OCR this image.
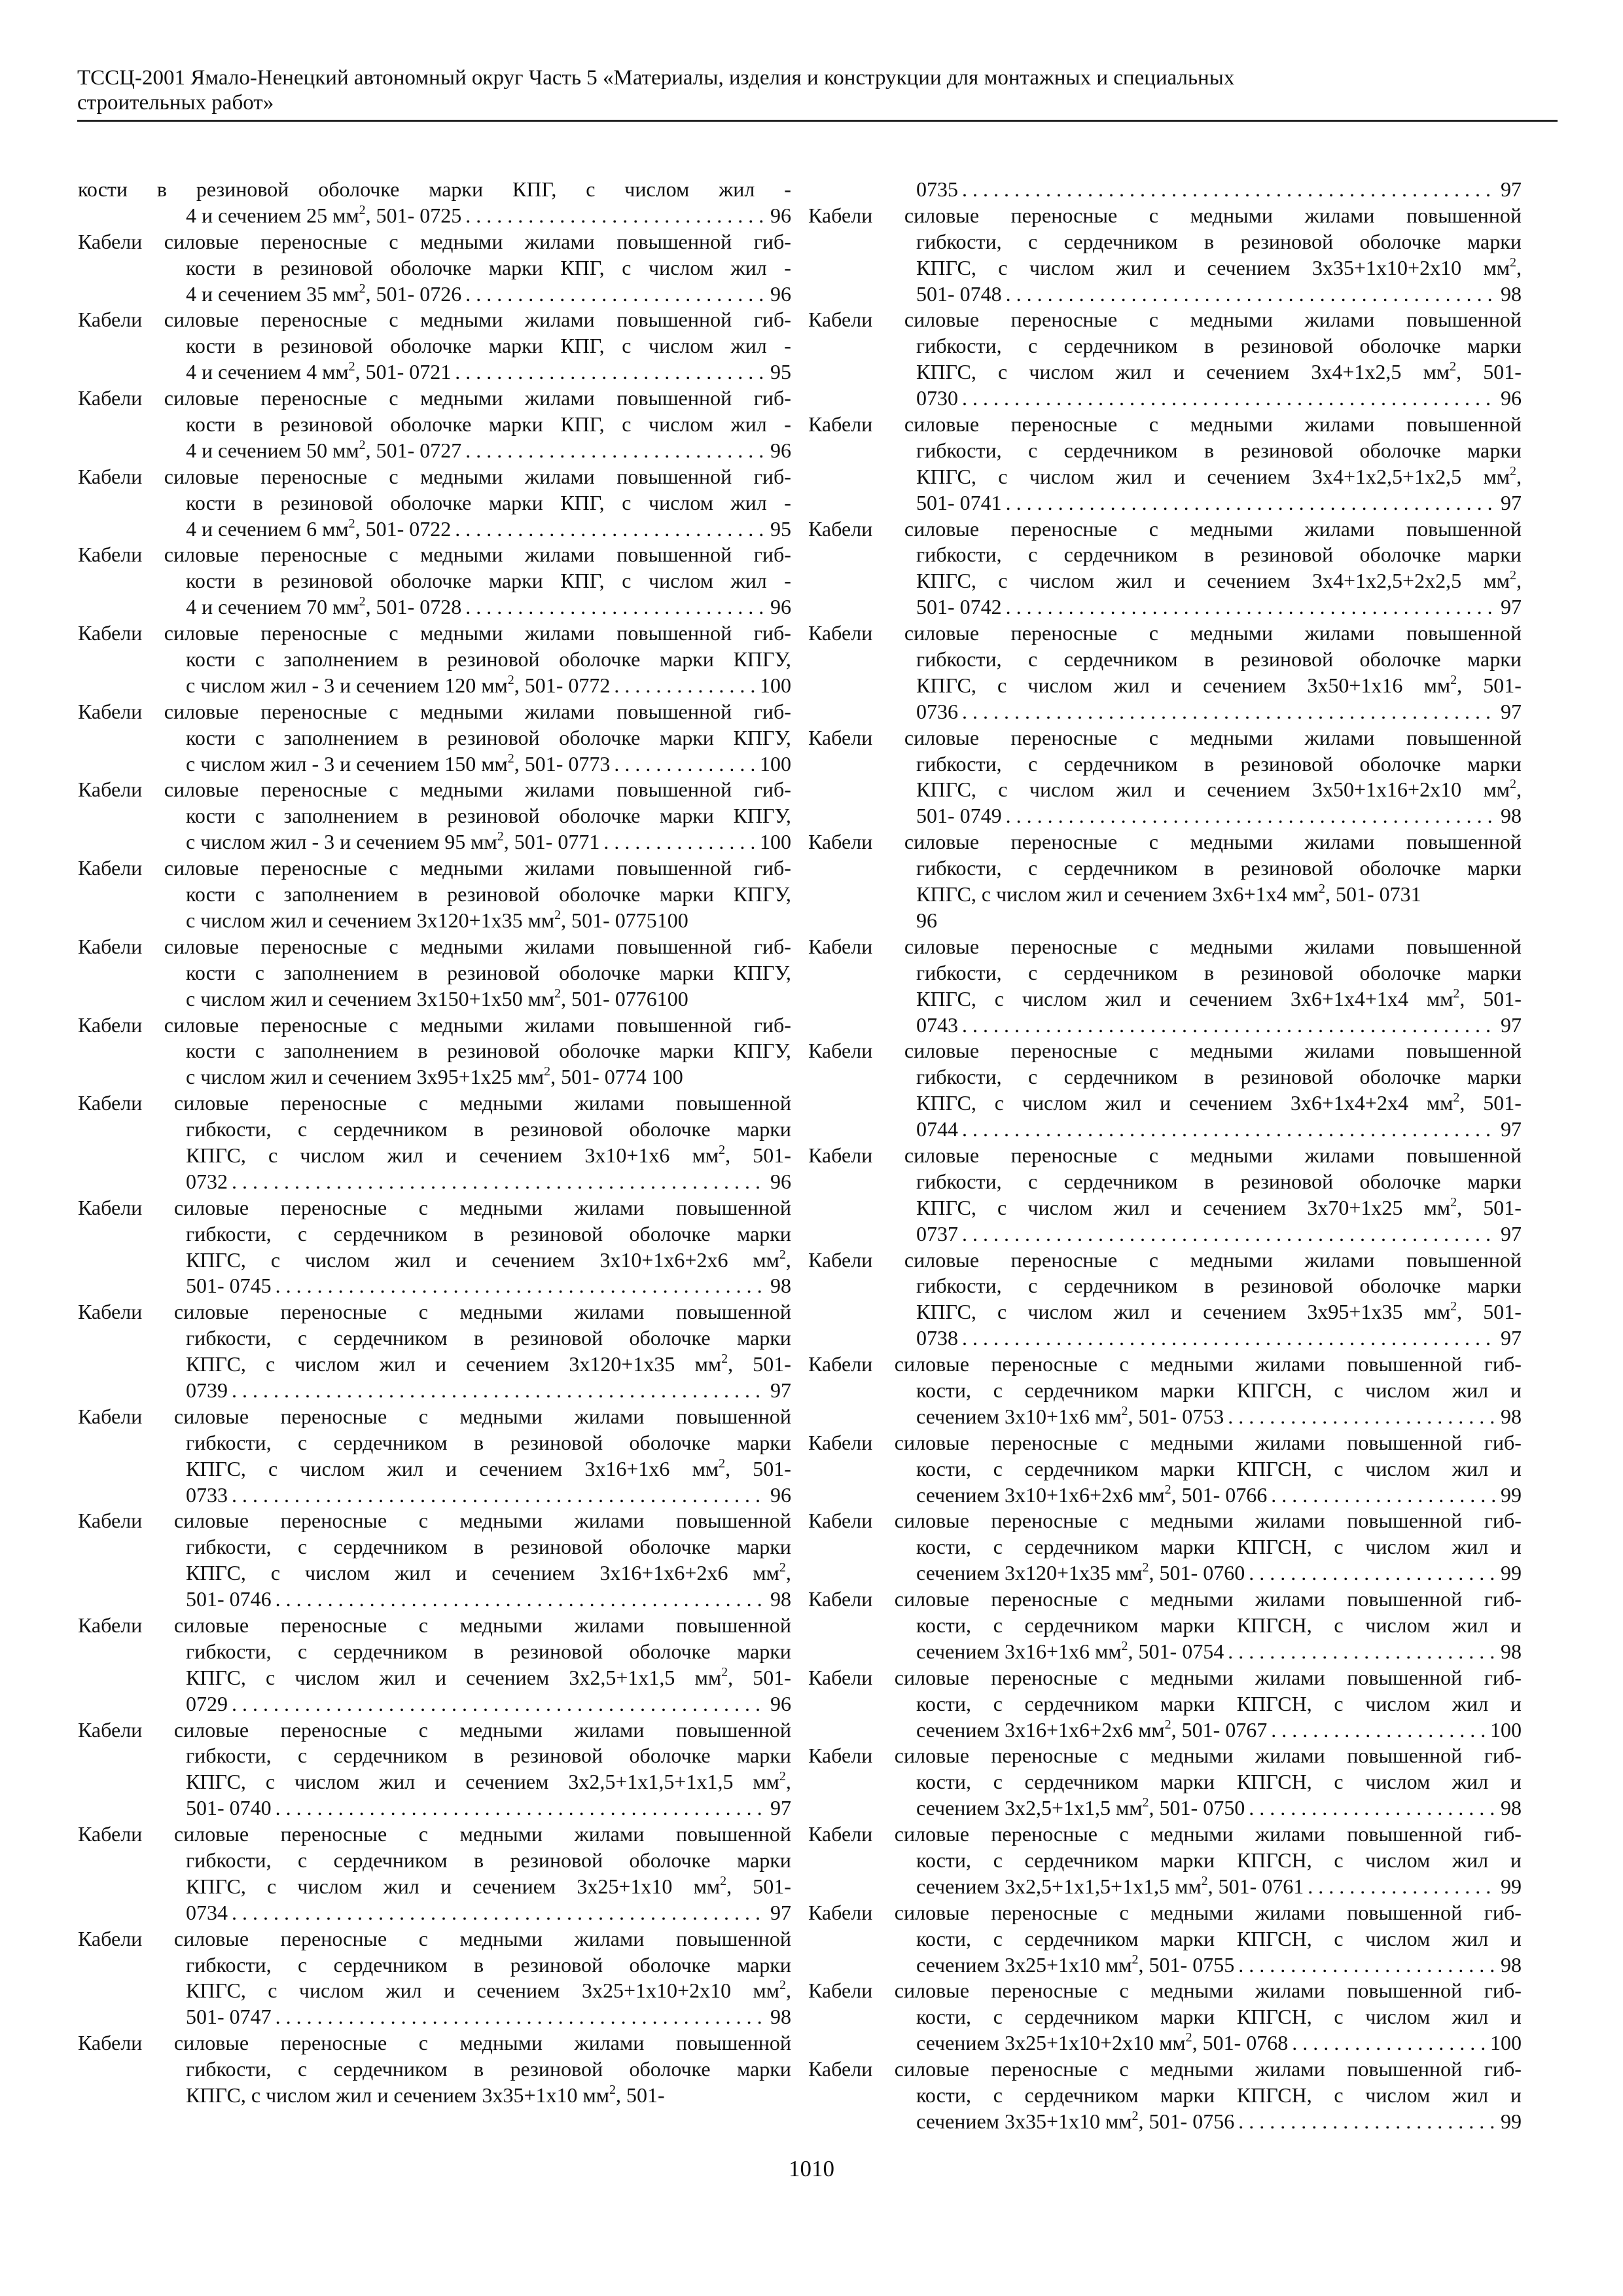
ТССЦ-2001 Ямало-Ненецкий автономный округ Часть 5 «Материалы, изделия и конструкции для монтажных и специальных
строительных работ»
кости в резиновой оболочке марки КПГ, с числом жил -
4 и сечением 25 $мм^2$, 501- 0725 . . .	96
Кабели силовые переносные с медными жилами повышенной гиб-
кости в резиновой оболочке марки КПГ, с числом жил -
4 и сечением 35 $мм^2$, 501- 0726 . . .	96
Кабели силовые переносные с медными жилами повышенной гиб-
кости в резиновой оболочке марки КПГ, с числом жил -
4 и сечением 4 $мм^2$, 501- 0721 . . .	95
Кабели силовые переносные с медными жилами повышенной гиб-
кости в резиновой оболочке марки КПГ, с числом жил -
4 и сечением 50 $мм^2$, 501- 0727 . . .	96
Кабели силовые переносные с медными жилами повышенной гиб-
кости в резиновой оболочке марки КПГ, с числом жил -
4 и сечением 6 $мм^2$, 501- 0722 . . .	95
Кабели силовые переносные с медными жилами повышенной гиб-
кости в резиновой оболочке марки КПГ, с числом жил -
4 и сечением 70 $мм^2$, 501- 0728 . . .	96
Кабели силовые переносные с медными жилами повышенной гиб-
кости с заполнением в резиновой оболочке марки КПГУ,
с числом жил - 3 и сечением 120 $мм^2$, 501- 0772 . . .	100
Кабели силовые переносные с медными жилами повышенной гиб-
кости с заполнением в резиновой оболочке марки КПГУ,
с числом жил - 3 и сечением 150 $мм^2$, 501- 0773 . . .	100
Кабели силовые переносные с медными жилами повышенной гиб-
кости с заполнением в резиновой оболочке марки КПГУ,
с числом жил - 3 и сечением 95 $мм^2$, 501- 0771 . . .	100
Кабели силовые переносные с медными жилами повышенной гиб-
кости с заполнением в резиновой оболочке марки КПГУ,
с числом жил и сечением 3х120+1х35 $мм^2$, 501- 0775 100
Кабели силовые переносные с медными жилами повышенной гиб-
кости с заполнением в резиновой оболочке марки КПГУ,
с числом жил и сечением 3х150+1х50 $мм^2$, 501- 0776 100
Кабели силовые переносные с медными жилами повышенной гиб-
кости с заполнением в резиновой оболочке марки КПГУ,
с числом жил и сечением 3х95+1х25 $мм^2$, 501- 0774 100
Кабели силовые переносные с медными жилами повышенной
гибкости, с сердечником в резиновой оболочке марки
КПГС, с числом жил и сечением 3х10+1х6 $мм^2$, 501-
0732 . . .	96
Кабели силовые переносные с медными жилами повышенной
гибкости, с сердечником в резиновой оболочке марки
КПГС, с числом жил и сечением 3х10+1х6+2х6 $мм^2$,
501- 0745 . . .	98
Кабели силовые переносные с медными жилами повышенной
гибкости, с сердечником в резиновой оболочке марки
КПГС, с числом жил и сечением 3х120+1х35 $мм^2$, 501-
0739 . . .	97
Кабели силовые переносные с медными жилами повышенной
гибкости, с сердечником в резиновой оболочке марки
КПГС, с числом жил и сечением 3х16+1х6 $мм^2$, 501-
0733 . . .	96
Кабели силовые переносные с медными жилами повышенной
гибкости, с сердечником в резиновой оболочке марки
КПГС, с числом жил и сечением 3х16+1х6+2х6 $мм^2$,
501- 0746 . . .	98
Кабели силовые переносные с медными жилами повышенной
гибкости, с сердечником в резиновой оболочке марки
КПГС, с числом жил и сечением 3х2,5+1х1,5 $мм^2$, 501-
0729 . . .	96
Кабели силовые переносные с медными жилами повышенной
гибкости, с сердечником в резиновой оболочке марки
КПГС, с числом жил и сечением 3х2,5+1х1,5+1х1,5 $мм^2$,
501- 0740 . . .	97
Кабели силовые переносные с медными жилами повышенной
гибкости, с сердечником в резиновой оболочке марки
КПГС, с числом жил и сечением 3х25+1х10 $мм^2$, 501-
0734 . . .	97
Кабели силовые переносные с медными жилами повышенной
гибкости, с сердечником в резиновой оболочке марки
КПГС, с числом жил и сечением 3х25+1х10+2х10 $мм^2$,
501- 0747 . . .	98
Кабели силовые переносные с медными жилами повышенной
гибкости, с сердечником в резиновой оболочке марки
КПГС, с числом жил и сечением 3х35+1х10 $мм^2$, 501-
0735 . . .	97
Кабели силовые переносные с медными жилами повышенной
гибкости, с сердечником в резиновой оболочке марки
КПГС, с числом жил и сечением 3х35+1х10+2х10 $мм^2$,
501- 0748 . . .	98
Кабели силовые переносные с медными жилами повышенной
гибкости, с сердечником в резиновой оболочке марки
КПГС, с числом жил и сечением 3х4+1х2,5 $мм^2$, 501-
0730 . . .	96
Кабели силовые переносные с медными жилами повышенной
гибкости, с сердечником в резиновой оболочке марки
КПГС, с числом жил и сечением 3х4+1х2,5+1х2,5 $мм^2$,
501- 0741 . . .	97
Кабели силовые переносные с медными жилами повышенной
гибкости, с сердечником в резиновой оболочке марки
КПГС, с числом жил и сечением 3х4+1х2,5+2х2,5 $мм^2$,
501- 0742 . . .	97
Кабели силовые переносные с медными жилами повышенной
гибкости, с сердечником в резиновой оболочке марки
КПГС, с числом жил и сечением 3х50+1х16 $мм^2$, 501-
0736 . . .	97
Кабели силовые переносные с медными жилами повышенной
гибкости, с сердечником в резиновой оболочке марки
КПГС, с числом жил и сечением 3х50+1х16+2х10 $мм^2$,
501- 0749 . . .	98
Кабели силовые переносные с медными жилами повышенной
гибкости, с сердечником в резиновой оболочке марки
КПГС, с числом жил и сечением 3х6+1х4 $мм^2$, 501- 0731
96
Кабели силовые переносные с медными жилами повышенной
гибкости, с сердечником в резиновой оболочке марки
КПГС, с числом жил и сечением 3х6+1х4+1х4 $мм^2$, 501-
0743 . . .	97
Кабели силовые переносные с медными жилами повышенной
гибкости, с сердечником в резиновой оболочке марки
КПГС, с числом жил и сечением 3х6+1х4+2х4 $мм^2$, 501-
0744 . . .	97
Кабели силовые переносные с медными жилами повышенной
гибкости, с сердечником в резиновой оболочке марки
КПГС, с числом жил и сечением 3х70+1х25 $мм^2$, 501-
0737 . . .	97
Кабели силовые переносные с медными жилами повышенной
гибкости, с сердечником в резиновой оболочке марки
КПГС, с числом жил и сечением 3х95+1х35 $мм^2$, 501-
0738 . . .	97
Кабели силовые переносные с медными жилами повышенной гиб-
кости, с сердечником марки КПГСН, с числом жил и
сечением 3х10+1х6 $мм^2$, 501- 0753 . . .	98
Кабели силовые переносные с медными жилами повышенной гиб-
кости, с сердечником марки КПГСН, с числом жил и
сечением 3х10+1х6+2х6 $мм^2$, 501- 0766 . . .	99
Кабели силовые переносные с медными жилами повышенной гиб-
кости, с сердечником марки КПГСН, с числом жил и
сечением 3х120+1х35 $мм^2$, 501- 0760 . . .	99
Кабели силовые переносные с медными жилами повышенной гиб-
кости, с сердечником марки КПГСН, с числом жил и
сечением 3х16+1х6 $мм^2$, 501- 0754 . . .	98
Кабели силовые переносные с медными жилами повышенной гиб-
кости, с сердечником марки КПГСН, с числом жил и
сечением 3х16+1х6+2х6 $мм^2$, 501- 0767 . . .	100
Кабели силовые переносные с медными жилами повышенной гиб-
кости, с сердечником марки КПГСН, с числом жил и
сечением 3х2,5+1х1,5 $мм^2$, 501- 0750 . . .	98
Кабели силовые переносные с медными жилами повышенной гиб-
кости, с сердечником марки КПГСН, с числом жил и
сечением 3х2,5+1х1,5+1х1,5 $мм^2$, 501- 0761 . . .	99
Кабели силовые переносные с медными жилами повышенной гиб-
кости, с сердечником марки КПГСН, с числом жил и
сечением 3х25+1х10 $мм^2$, 501- 0755 . . .	98
Кабели силовые переносные с медными жилами повышенной гиб-
кости, с сердечником марки КПГСН, с числом жил и
сечением 3х25+1х10+2х10 $мм^2$, 501- 0768 . . .	100
Кабели силовые переносные с медными жилами повышенной гиб-
кости, с сердечником марки КПГСН, с числом жил и
сечением 3х35+1х10 $мм^2$, 501- 0756 . . .	99
1010
